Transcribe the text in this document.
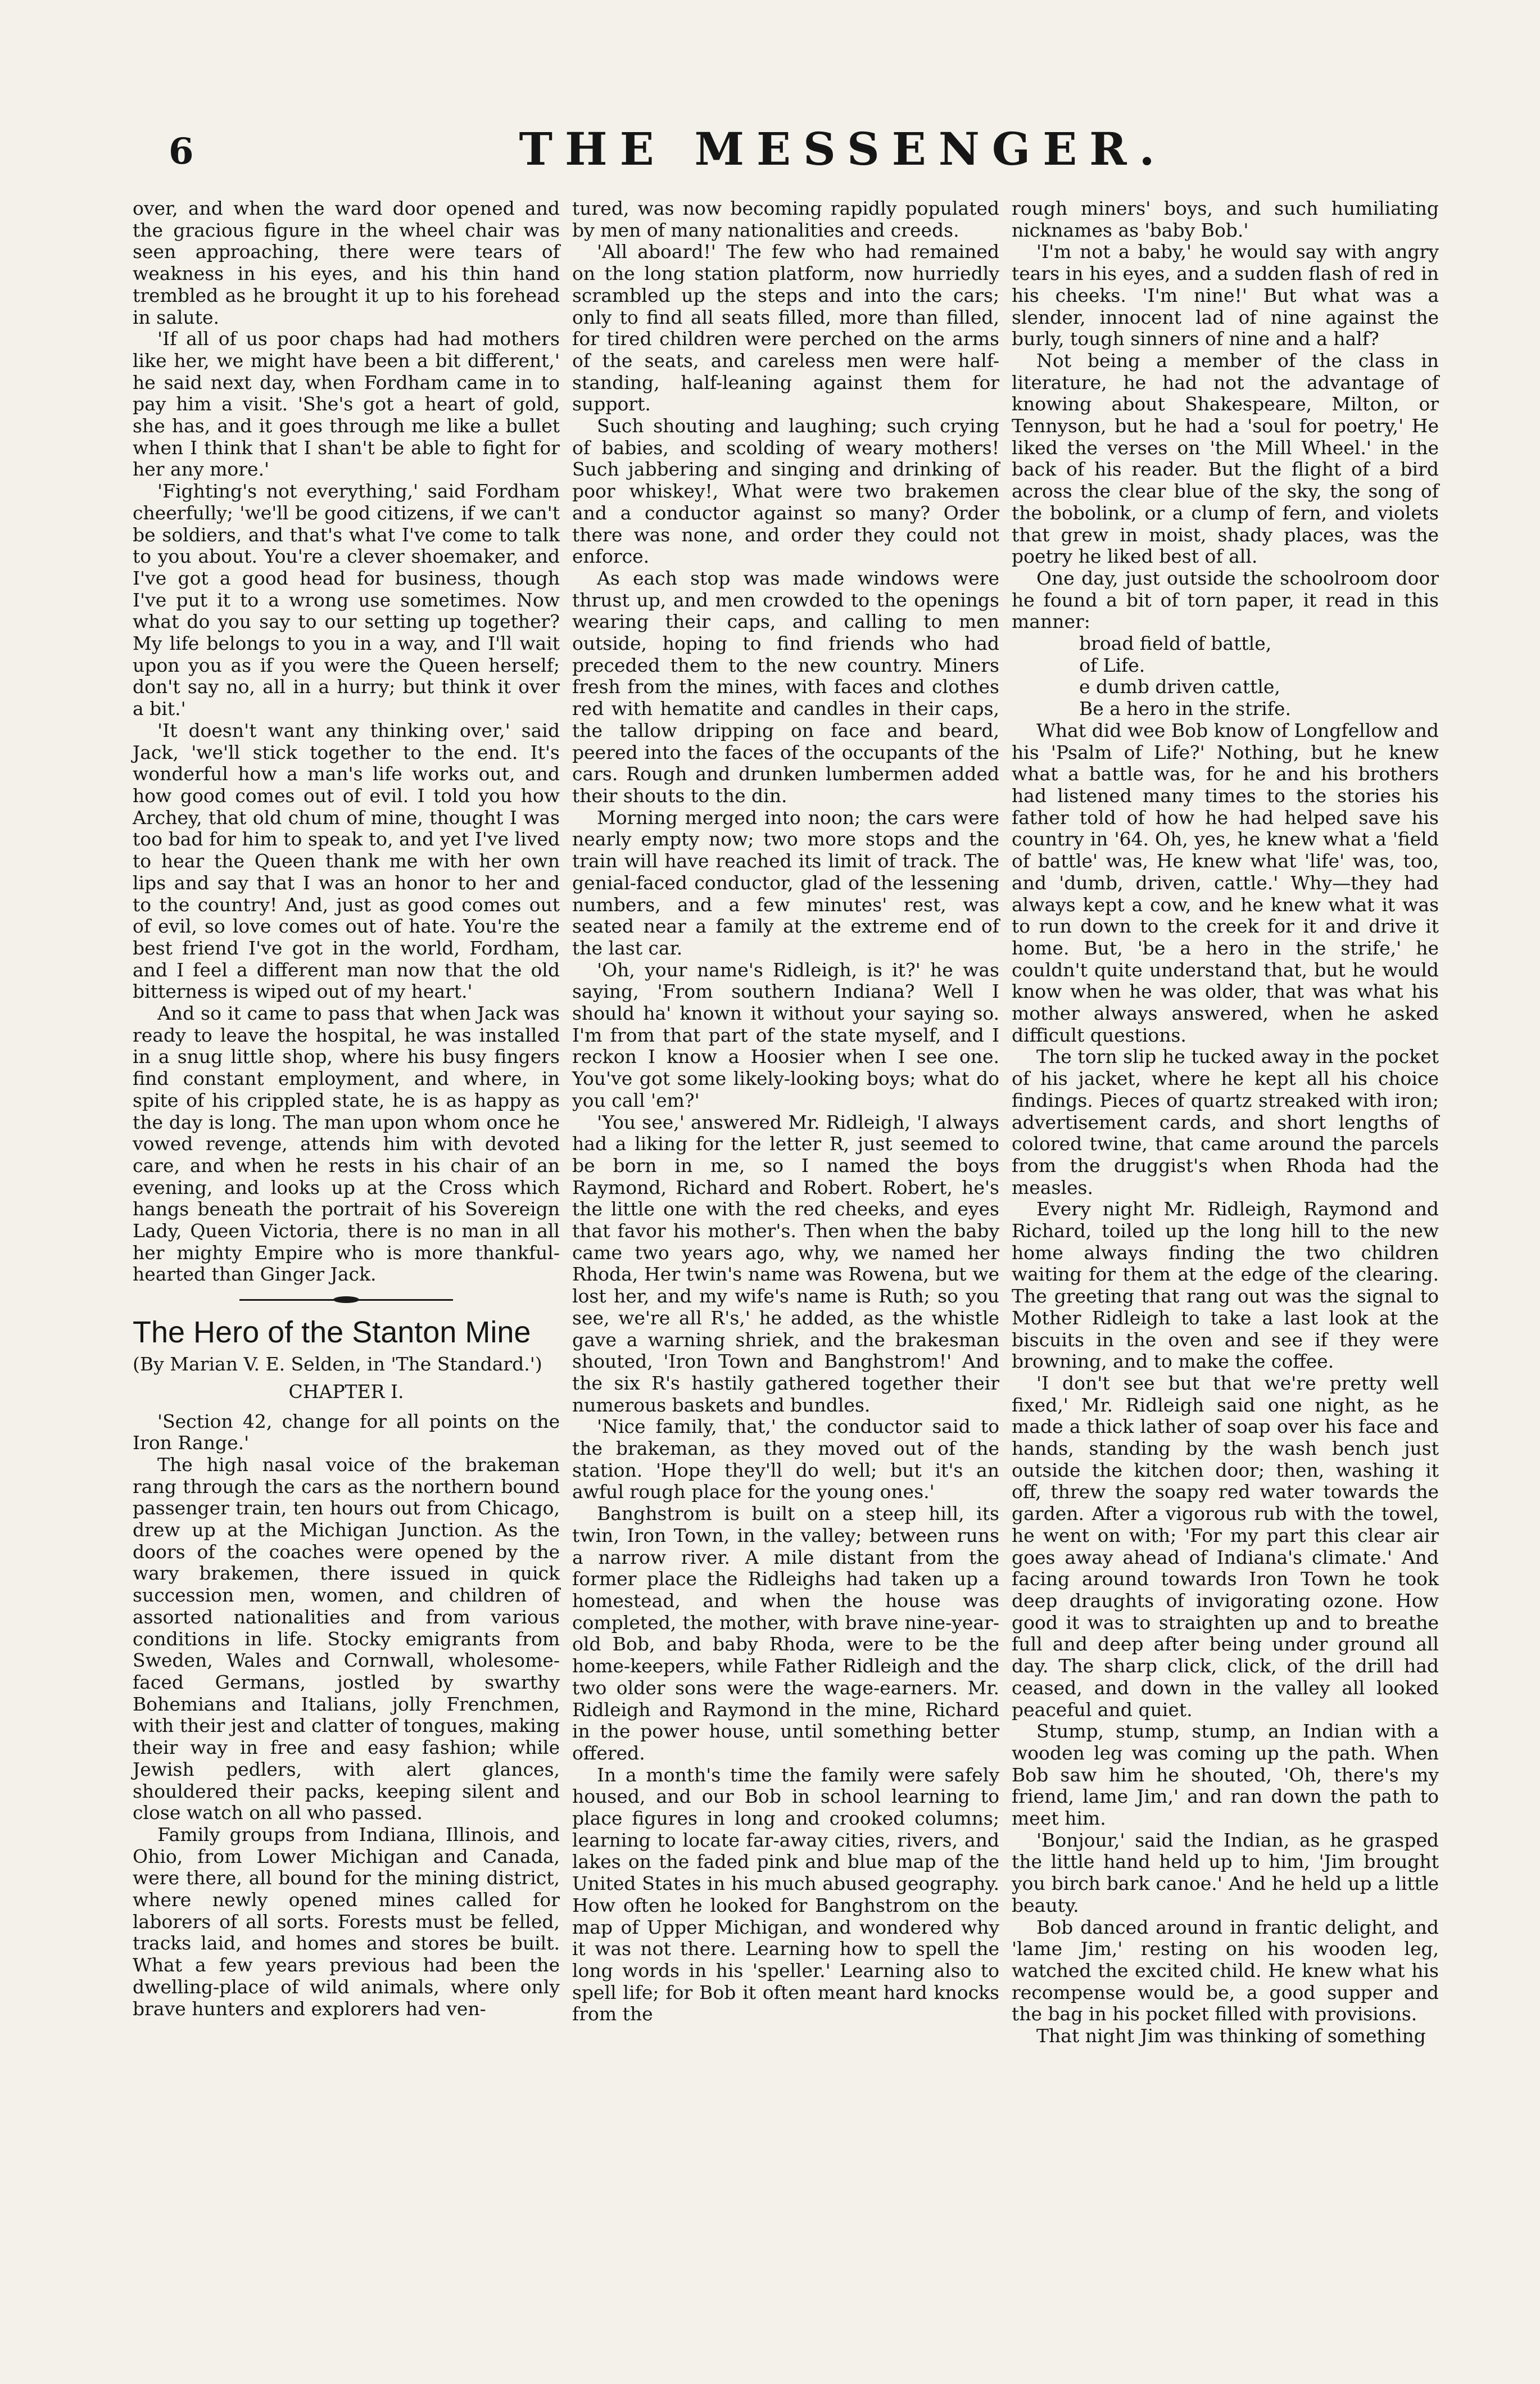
6	THE MESSENGER.

over, and when the ward door opened and the gracious figure in the wheel chair was seen approaching, there were tears of weakness in his eyes, and his thin hand trembled as he brought it up to his forehead in salute.

'If all of us poor chaps had had mothers like her, we might have been a bit different,' he said next day, when Fordham came in to pay him a visit. 'She's got a heart of gold, she has, and it goes through me like a bullet when I think that I shan't be able to fight for her any more.'

'Fighting's not everything,' said Fordham cheerfully; 'we'll be good citizens, if we can't be soldiers, and that's what I've come to talk to you about. You're a clever shoemaker, and I've got a good head for business, though I've put it to a wrong use sometimes. Now what do you say to our setting up together? My life belongs to you in a way, and I'll wait upon you as if you were the Queen herself; don't say no, all in a hurry; but think it over a bit.'

'It doesn't want any thinking over,' said Jack, 'we'll stick together to the end. It's wonderful how a man's life works out, and how good comes out of evil. I told you how Archey, that old chum of mine, thought I was too bad for him to speak to, and yet I've lived to hear the Queen thank me with her own lips and say that I was an honor to her and to the country! And, just as good comes out of evil, so love comes out of hate. You're the best friend I've got in the world, Fordham, and I feel a different man now that the old bitterness is wiped out of my heart.'

And so it came to pass that when Jack was ready to leave the hospital, he was installed in a snug little shop, where his busy fingers find constant employment, and where, in spite of his crippled state, he is as happy as the day is long. The man upon whom once he vowed revenge, attends him with devoted care, and when he rests in his chair of an evening, and looks up at the Cross which hangs beneath the portrait of his Sovereign Lady, Queen Victoria, there is no man in all her mighty Empire who is more thankful-hearted than Ginger Jack.

The Hero of the Stanton Mine
(By Marian V. E. Selden, in 'The Standard.')
CHAPTER I.

'Section 42, change for all points on the Iron Range.'

The high nasal voice of the brakeman rang through the cars as the northern bound passenger train, ten hours out from Chicago, drew up at the Michigan Junction. As the doors of the coaches were opened by the wary brakemen, there issued in quick succession men, women, and children of assorted nationalities and from various conditions in life. Stocky emigrants from Sweden, Wales and Cornwall, wholesome-faced Germans, jostled by swarthy Bohemians and Italians, jolly Frenchmen, with their jest and clatter of tongues, making their way in free and easy fashion; while Jewish pedlers, with alert glances, shouldered their packs, keeping silent and close watch on all who passed.

Family groups from Indiana, Illinois, and Ohio, from Lower Michigan and Canada, were there, all bound for the mining district, where newly opened mines called for laborers of all sorts. Forests must be felled, tracks laid, and homes and stores be built. What a few years previous had been the dwelling-place of wild animals, where only brave hunters and explorers had ven-

tured, was now becoming rapidly populated by men of many nationalities and creeds.

'All aboard!' The few who had remained on the long station platform, now hurriedly scrambled up the steps and into the cars; only to find all seats filled, more than filled, for tired children were perched on the arms of the seats, and careless men were half-standing, half-leaning against them for support.

Such shouting and laughing; such crying of babies, and scolding of weary mothers! Such jabbering and singing and drinking of poor whiskey!, What were two brakemen and a conductor against so many? Order there was none, and order they could not enforce.

As each stop was made windows were thrust up, and men crowded to the openings wearing their caps, and calling to men outside, hoping to find friends who had preceded them to the new country. Miners fresh from the mines, with faces and clothes red with hematite and candles in their caps, the tallow dripping on face and beard, peered into the faces of the occupants of the cars. Rough and drunken lumbermen added their shouts to the din.

Morning merged into noon; the cars were nearly empty now; two more stops and the train will have reached its limit of track. The genial-faced conductor, glad of the lessening numbers, and a few minutes' rest, was seated near a family at the extreme end of the last car.

'Oh, your name's Ridleigh, is it?' he was saying, 'From southern Indiana? Well I should ha' known it without your saying so. I'm from that part of the state myself, and I reckon I know a Hoosier when I see one. You've got some likely-looking boys; what do you call 'em?'

'You see,' answered Mr. Ridleigh, 'I always had a liking for the letter R, just seemed to be born in me, so I named the boys Raymond, Richard and Robert. Robert, he's the little one with the red cheeks, and eyes that favor his mother's. Then when the baby came two years ago, why, we named her Rhoda, Her twin's name was Rowena, but we lost her, and my wife's name is Ruth; so you see, we're all R's,' he added, as the whistle gave a warning shriek, and the brakesman shouted, 'Iron Town and Banghstrom!' And the six R's hastily gathered together their numerous baskets and bundles.

'Nice family, that,' the conductor said to the brakeman, as they moved out of the station. 'Hope they'll do well; but it's an awful rough place for the young ones.'

Banghstrom is built on a steep hill, its twin, Iron Town, in the valley; between runs a narrow river. A mile distant from the former place the Ridleighs had taken up a homestead, and when the house was completed, the mother, with brave nine-year-old Bob, and baby Rhoda, were to be the home-keepers, while Father Ridleigh and the two older sons were the wage-earners. Mr. Ridleigh and Raymond in the mine, Richard in the power house, until something better offered.

In a month's time the family were safely housed, and our Bob in school learning to place figures in long and crooked columns; learning to locate far-away cities, rivers, and lakes on the faded pink and blue map of the United States in his much abused geography. How often he looked for Banghstrom on the map of Upper Michigan, and wondered why it was not there. Learning how to spell the long words in his 'speller.' Learning also to spell life; for Bob it often meant hard knocks from the

rough miners' boys, and such humiliating nicknames as 'baby Bob.'

'I'm not a baby,' he would say with angry tears in his eyes, and a sudden flash of red in his cheeks. 'I'm nine!' But what was a slender, innocent lad of nine against the burly, tough sinners of nine and a half?

Not being a member of the class in literature, he had not the advantage of knowing about Shakespeare, Milton, or Tennyson, but he had a 'soul for poetry,' He liked the verses on 'the Mill Wheel.' in the back of his reader. But the flight of a bird across the clear blue of the sky, the song of the bobolink, or a clump of fern, and violets that grew in moist, shady places, was the poetry he liked best of all.

One day, just outside the schoolroom door he found a bit of torn paper, it read in this manner:

broad field of battle,

of Life.

e dumb driven cattle,

Be a hero in the strife.

What did wee Bob know of Longfellow and his 'Psalm of Life?' Nothing, but he knew what a battle was, for he and his brothers had listened many times to the stories his father told of how he had helped save his country in '64. Oh, yes, he knew what a 'field of battle' was, He knew what 'life' was, too, and 'dumb, driven, cattle.' Why—they had always kept a cow, and he knew what it was to run down to the creek for it and drive it home. But, 'be a hero in the strife,' he couldn't quite understand that, but he would know when he was older, that was what his mother always answered, when he asked difficult questions.

The torn slip he tucked away in the pocket of his jacket, where he kept all his choice findings. Pieces of quartz streaked with iron; advertisement cards, and short lengths of colored twine, that came around the parcels from the druggist's when Rhoda had the measles.

Every night Mr. Ridleigh, Raymond and Richard, toiled up the long hill to the new home always finding the two children waiting for them at the edge of the clearing. The greeting that rang out was the signal to Mother Ridleigh to take a last look at the biscuits in the oven and see if they were browning, and to make the coffee.

'I don't see but that we're pretty well fixed,' Mr. Ridleigh said one night, as he made a thick lather of soap over his face and hands, standing by the wash bench just outside the kitchen door; then, washing it off, threw the soapy red water towards the garden. After a vigorous rub with the towel, he went on with; 'For my part this clear air goes away ahead of Indiana's climate.' And facing around towards Iron Town he took deep draughts of invigorating ozone. How good it was to straighten up and to breathe full and deep after being under ground all day. The sharp click, click, of the drill had ceased, and down in the valley all looked peaceful and quiet.

Stump, stump, stump, an Indian with a wooden leg was coming up the path. When Bob saw him he shouted, 'Oh, there's my friend, lame Jim,' and ran down the path to meet him.

'Bonjour,' said the Indian, as he grasped the little hand held up to him, 'Jim brought you birch bark canoe.' And he held up a little beauty.

Bob danced around in frantic delight, and 'lame Jim,' resting on his wooden leg, watched the excited child. He knew what his recompense would be, a good supper and the bag in his pocket filled with provisions.

That night Jim was thinking of something
